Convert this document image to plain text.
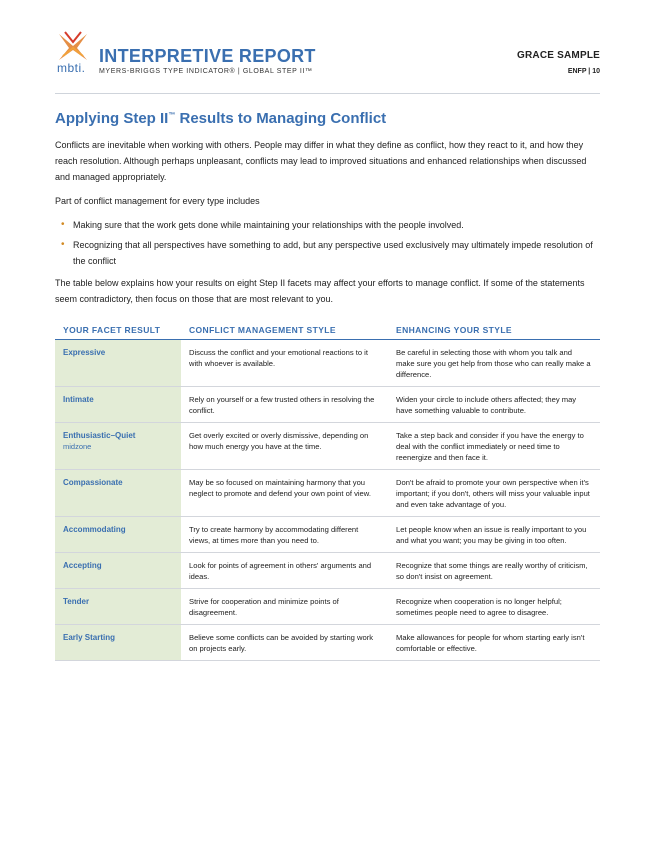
mbti.
INTERPRETIVE REPORT
MYERS-BRIGGS TYPE INDICATOR® | GLOBAL STEP II™
GRACE SAMPLE
ENFP | 10
Applying Step II™ Results to Managing Conflict

Conflicts are inevitable when working with others. People may differ in what they define as conflict, how they react to it, and how they reach resolution. Although perhaps unpleasant, conflicts may lead to improved situations and enhanced relationships when discussed and managed appropriately.

Part of conflict management for every type includes

• Making sure that the work gets done while maintaining your relationships with the people involved.
• Recognizing that all perspectives have something to add, but any perspective used exclusively may ultimately impede resolution of the conflict

The table below explains how your results on eight Step II facets may affect your efforts to manage conflict. If some of the statements seem contradictory, then focus on those that are most relevant to you.

YOUR FACET RESULT	CONFLICT MANAGEMENT STYLE	ENHANCING YOUR STYLE
Expressive	Discuss the conflict and your emotional reactions to it with whoever is available.	Be careful in selecting those with whom you talk and make sure you get help from those who can really make a difference.
Intimate	Rely on yourself or a few trusted others in resolving the conflict.	Widen your circle to include others affected; they may have something valuable to contribute.
Enthusiastic–Quiet
midzone	Get overly excited or overly dismissive, depending on how much energy you have at the time.	Take a step back and consider if you have the energy to deal with the conflict immediately or need time to reenergize and then face it.
Compassionate	May be so focused on maintaining harmony that you neglect to promote and defend your own point of view.	Don't be afraid to promote your own perspective when it's important; if you don't, others will miss your valuable input and even take advantage of you.
Accommodating	Try to create harmony by accommodating different views, at times more than you need to.	Let people know when an issue is really important to you and what you want; you may be giving in too often.
Accepting	Look for points of agreement in others' arguments and ideas.	Recognize that some things are really worthy of criticism, so don't insist on agreement.
Tender	Strive for cooperation and minimize points of disagreement.	Recognize when cooperation is no longer helpful; sometimes people need to agree to disagree.
Early Starting	Believe some conflicts can be avoided by starting work on projects early.	Make allowances for people for whom starting early isn't comfortable or effective.
